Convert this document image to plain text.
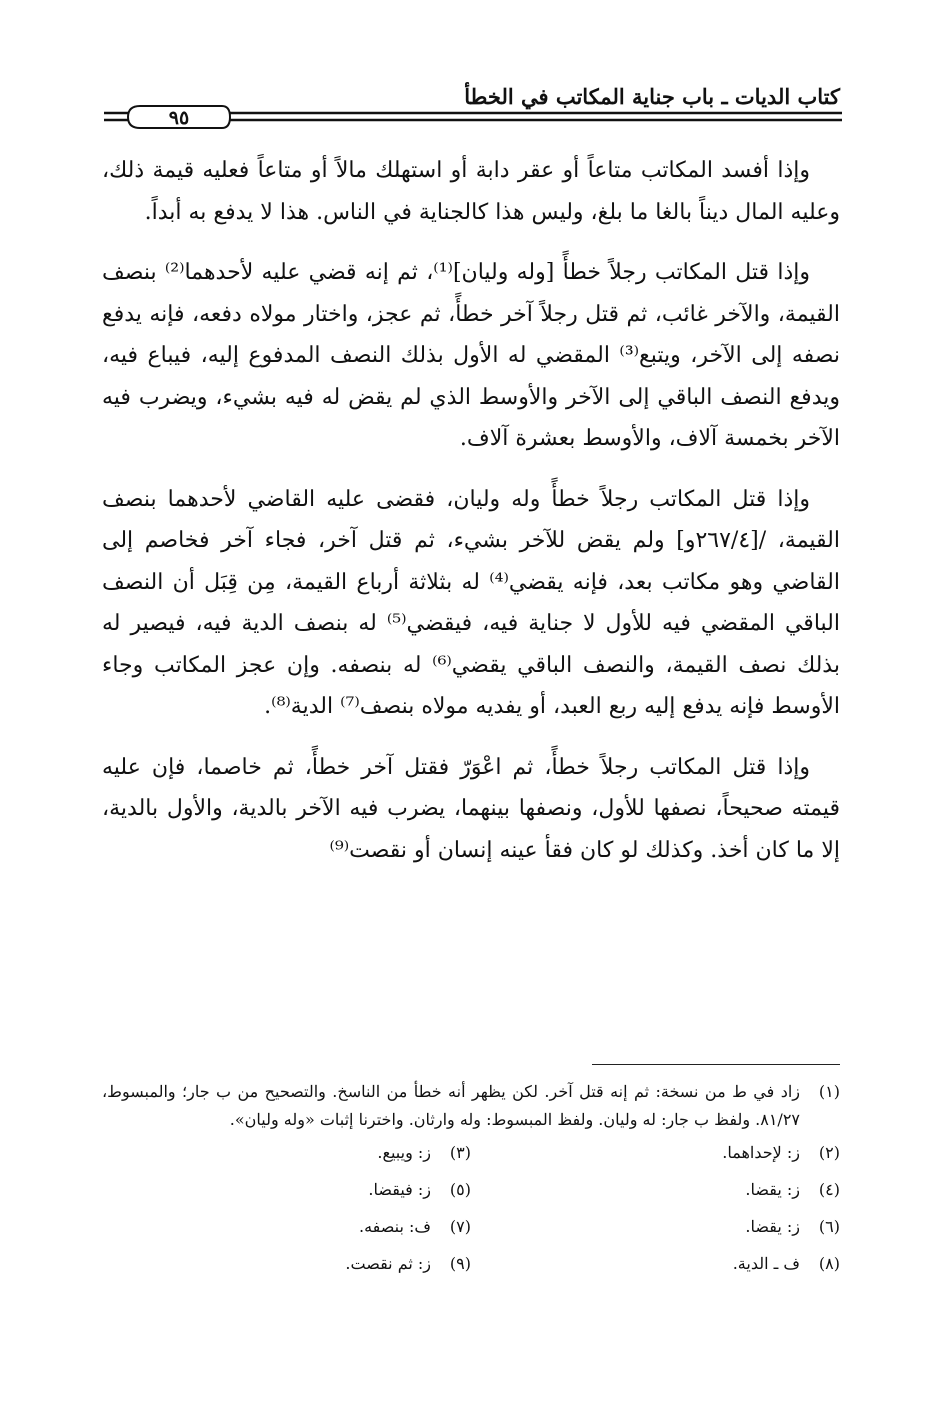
كتاب الديات ـ باب جناية المكاتب في الخطأ
٩٥

وإذا أفسد المكاتب متاعاً أو عقر دابة أو استهلك مالاً أو متاعاً فعليه قيمة ذلك، وعليه المال ديناً بالغا ما بلغ، وليس هذا كالجناية في الناس. هذا لا يدفع به أبداً.

وإذا قتل المكاتب رجلاً خطأً [وله وليان]⁽¹⁾، ثم إنه قضي عليه لأحدهما⁽²⁾ بنصف القيمة، والآخر غائب، ثم قتل رجلاً آخر خطأً، ثم عجز، واختار مولاه دفعه، فإنه يدفع نصفه إلى الآخر، ويتبع⁽³⁾ المقضي له الأول بذلك النصف المدفوع إليه، فيباع فيه، ويدفع النصف الباقي إلى الآخر والأوسط الذي لم يقض له فيه بشيء، ويضرب فيه الآخر بخمسة آلاف، والأوسط بعشرة آلاف.

وإذا قتل المكاتب رجلاً خطأً وله وليان، فقضى عليه القاضي لأحدهما بنصف القيمة، /[٢٦٧/٤و] ولم يقض للآخر بشيء، ثم قتل آخر، فجاء آخر فخاصم إلى القاضي وهو مكاتب بعد، فإنه يقضي⁽⁴⁾ له بثلاثة أرباع القيمة، مِن قِبَل أن النصف الباقي المقضي فيه للأول لا جناية فيه، فيقضي⁽⁵⁾ له بنصف الدية فيه، فيصير له بذلك نصف القيمة، والنصف الباقي يقضي⁽⁶⁾ له بنصفه. وإن عجز المكاتب وجاء الأوسط فإنه يدفع إليه ربع العبد، أو يفديه مولاه بنصف⁽⁷⁾ الدية⁽⁸⁾.

وإذا قتل المكاتب رجلاً خطأً، ثم اعْوَرّ فقتل آخر خطأً، ثم خاصما، فإن عليه قيمته صحيحاً، نصفها للأول، ونصفها بينهما، يضرب فيه الآخر بالدية، والأول بالدية، إلا ما كان أخذ. وكذلك لو كان فقأ عينه إنسان أو نقصت⁽⁹⁾

(١)
زاد في ط من نسخة: ثم إنه قتل آخر. لكن يظهر أنه خطأ من الناسخ. والتصحيح من ب جار؛ والمبسوط، ٨١/٢٧. ولفظ ب جار: له وليان. ولفظ المبسوط: وله وارثان. واخترنا إثبات «وله وليان».
(٢)
ز: لإحداهما.
(٣)
ز: ويبيع.
(٤)
ز: يقضا.
(٥)
ز: فيقضا.
(٦)
ز: يقضا.
(٧)
ف: بنصفه.
(٨)
ف ـ الدية.
(٩)
ز: ثم نقصت.
